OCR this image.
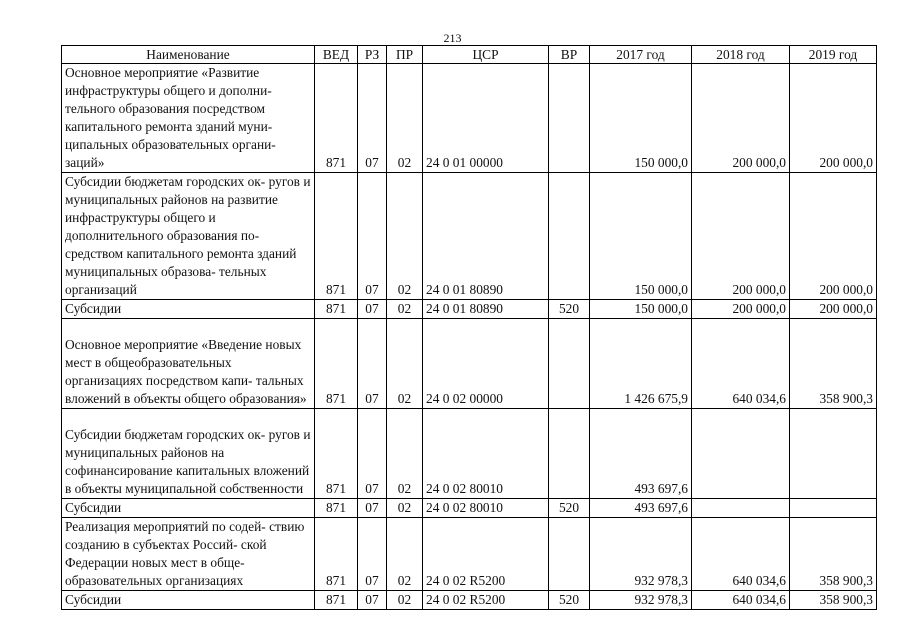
213
Наименование	ВЕД	РЗ	ПР	ЦСР	ВР	2017 год	2018 год	2019 год
Основное мероприятие «Развитие инфраструктуры общего и дополни- тельного образования посредством капитального ремонта зданий муни- ципальных образовательных органи- заций»	871	07	02	24 0 01 00000		150 000,0	200 000,0	200 000,0
Субсидии бюджетам городских ок- ругов и муниципальных районов на развитие инфраструктуры общего и дополнительного образования по- средством капитального ремонта зданий муниципальных образова- тельных организаций	871	07	02	24 0 01 80890		150 000,0	200 000,0	200 000,0
Субсидии	871	07	02	24 0 01 80890	520	150 000,0	200 000,0	200 000,0
Основное мероприятие «Введение новых мест в общеобразовательных организациях посредством капи- тальных вложений в объекты общего образования»	871	07	02	24 0 02 00000		1 426 675,9	640 034,6	358 900,3
Субсидии бюджетам городских ок- ругов и муниципальных районов на софинансирование капитальных вложений в объекты муниципальной собственности	871	07	02	24 0 02 80010		493 697,6		
Субсидии	871	07	02	24 0 02 80010	520	493 697,6		
Реализация мероприятий по содей- ствию созданию в субъектах Россий- ской Федерации новых мест в обще- образовательных организациях	871	07	02	24 0 02 R5200		932 978,3	640 034,6	358 900,3
Субсидии	871	07	02	24 0 02 R5200	520	932 978,3	640 034,6	358 900,3
